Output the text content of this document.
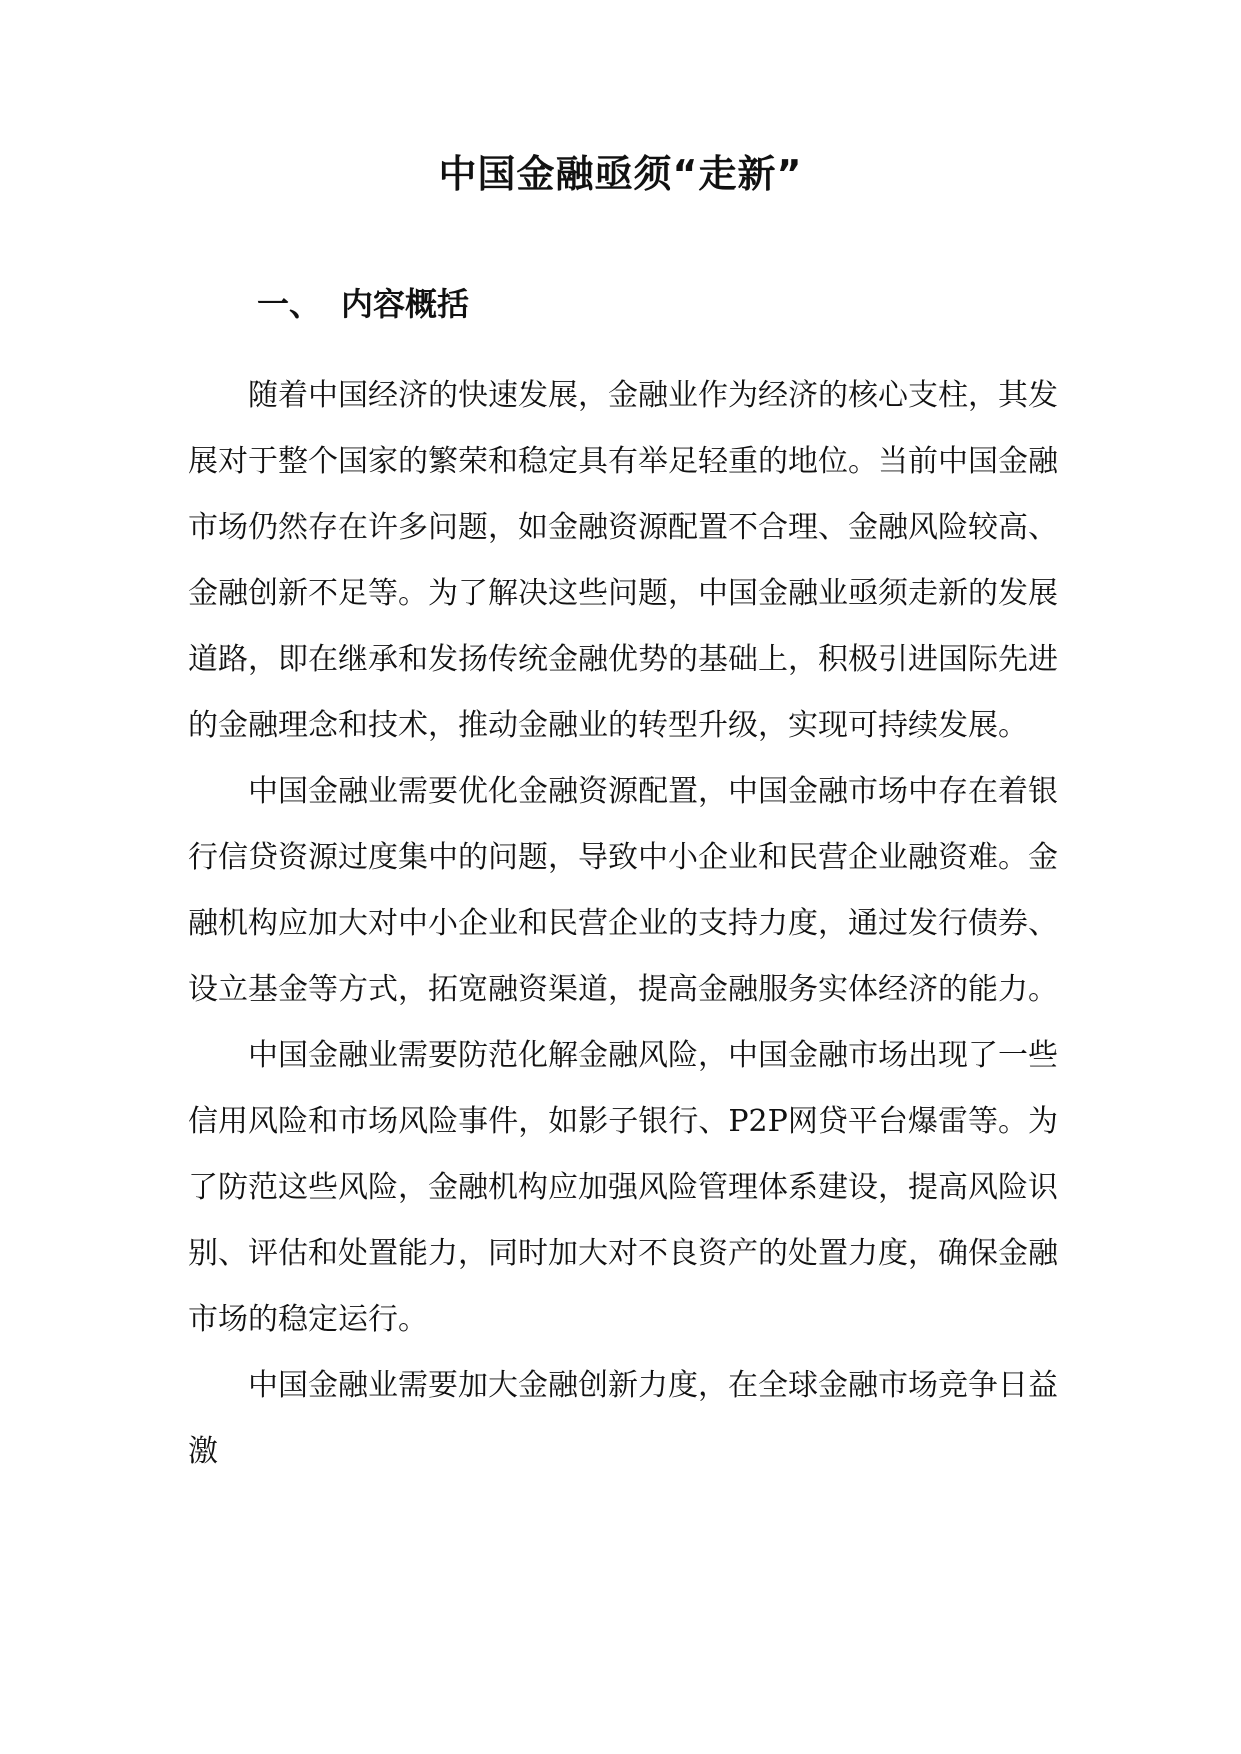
中国金融亟须“走新”
一、 内容概括

随着中国经济的快速发展，金融业作为经济的核心支柱，其发展对于整个国家的繁荣和稳定具有举足轻重的地位。当前中国金融市场仍然存在许多问题，如金融资源配置不合理、金融风险较高、金融创新不足等。为了解决这些问题，中国金融业亟须走新的发展道路，即在继承和发扬传统金融优势的基础上，积极引进国际先进的金融理念和技术，推动金融业的转型升级，实现可持续发展。

中国金融业需要优化金融资源配置，中国金融市场中存在着银行信贷资源过度集中的问题，导致中小企业和民营企业融资难。金融机构应加大对中小企业和民营企业的支持力度，通过发行债券、设立基金等方式，拓宽融资渠道，提高金融服务实体经济的能力。

中国金融业需要防范化解金融风险，中国金融市场出现了一些信用风险和市场风险事件，如影子银行、P2P网贷平台爆雷等。为了防范这些风险，金融机构应加强风险管理体系建设，提高风险识别、评估和处置能力，同时加大对不良资产的处置力度，确保金融市场的稳定运行。

中国金融业需要加大金融创新力度，在全球金融市场竞争日益激
